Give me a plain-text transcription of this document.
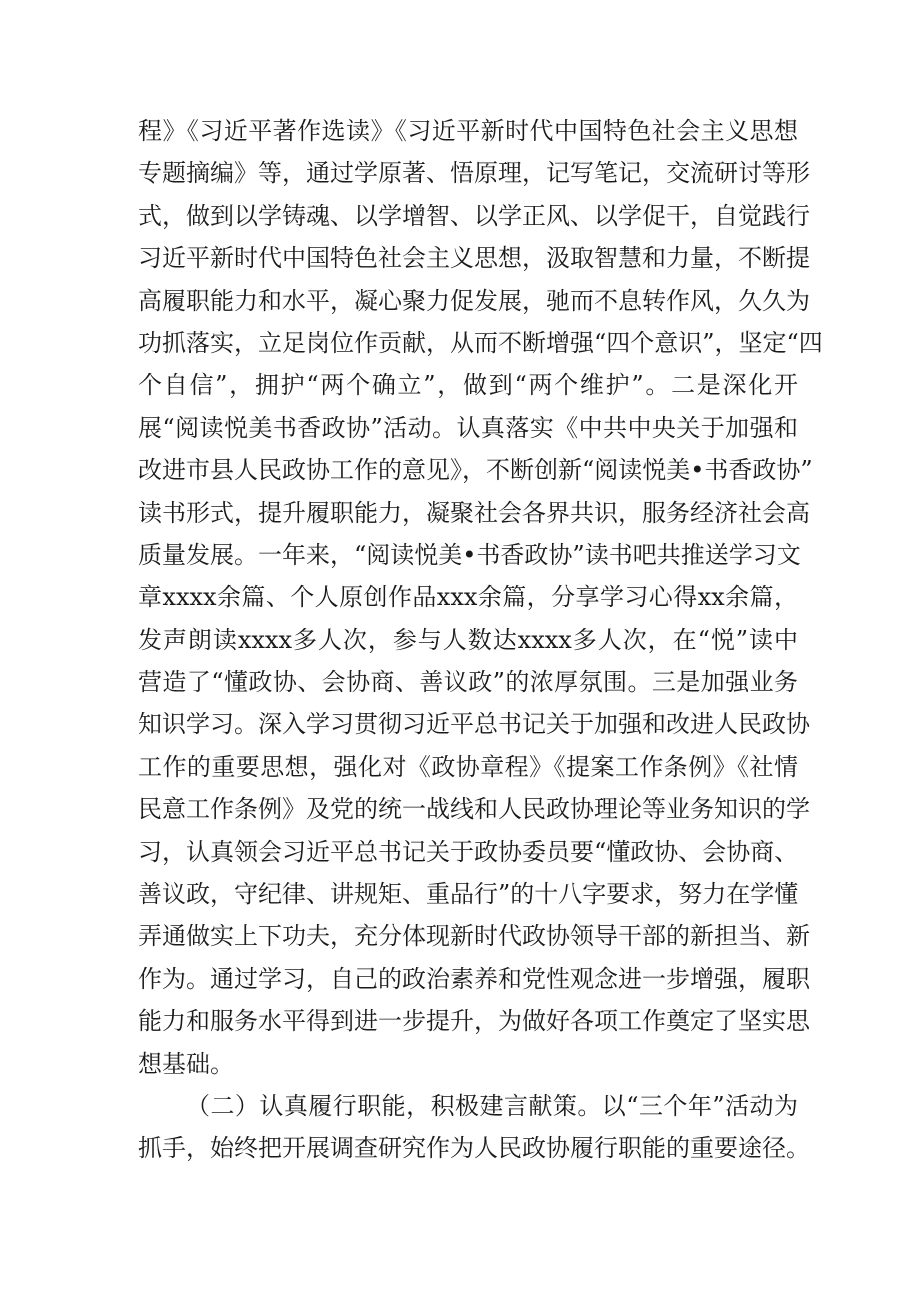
程》《习近平著作选读》《习近平新时代中国特色社会主义思想
专题摘编》等，通过学原著、悟原理，记写笔记，交流研讨等形
式，做到以学铸魂、以学增智、以学正风、以学促干，自觉践行
习近平新时代中国特色社会主义思想，汲取智慧和力量，不断提
高履职能力和水平，凝心聚力促发展，驰而不息转作风，久久为
功抓落实，立足岗位作贡献，从而不断增强“四个意识”，坚定“四
个自信”，拥护“两个确立”，做到“两个维护”。二是深化开
展“阅读悦美书香政协”活动。认真落实《中共中央关于加强和
改进市县人民政协工作的意见》，不断创新“阅读悦美•书香政协”
读书形式，提升履职能力，凝聚社会各界共识，服务经济社会高
质量发展。一年来，“阅读悦美•书香政协”读书吧共推送学习文
章xxxx余篇、个人原创作品xxx余篇，分享学习心得xx余篇，
发声朗读xxxx多人次，参与人数达xxxx多人次，在“悦”读中
营造了“懂政协、会协商、善议政”的浓厚氛围。三是加强业务
知识学习。深入学习贯彻习近平总书记关于加强和改进人民政协
工作的重要思想，强化对《政协章程》《提案工作条例》《社情
民意工作条例》及党的统一战线和人民政协理论等业务知识的学
习，认真领会习近平总书记关于政协委员要“懂政协、会协商、
善议政，守纪律、讲规矩、重品行”的十八字要求，努力在学懂
弄通做实上下功夫，充分体现新时代政协领导干部的新担当、新
作为。通过学习，自己的政治素养和党性观念进一步增强，履职
能力和服务水平得到进一步提升，为做好各项工作奠定了坚实思
想基础。
（二）认真履行职能，积极建言献策。以“三个年”活动为
抓手，始终把开展调查研究作为人民政协履行职能的重要途径。
